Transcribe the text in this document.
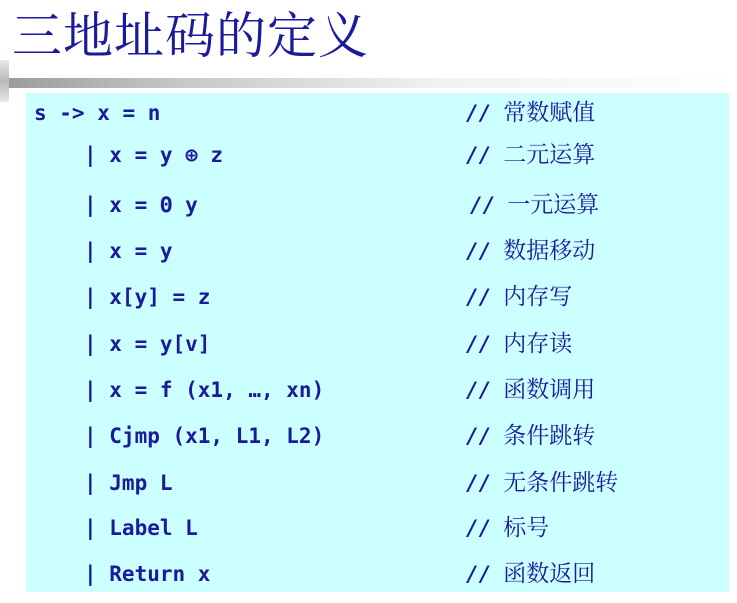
三地址码的定义
s -> x = n	// 常数赋值
| x = y ⊕ z	// 二元运算
| x = Θ y	// 一元运算
| x = y	// 数据移动
| x[y] = z	// 内存写
| x = y[v]	// 内存读
| x = f (x1, …, xn)	// 函数调用
| Cjmp (x1, L1, L2)	// 条件跳转
| Jmp L	// 无条件跳转
| Label L	// 标号
| Return x	// 函数返回
